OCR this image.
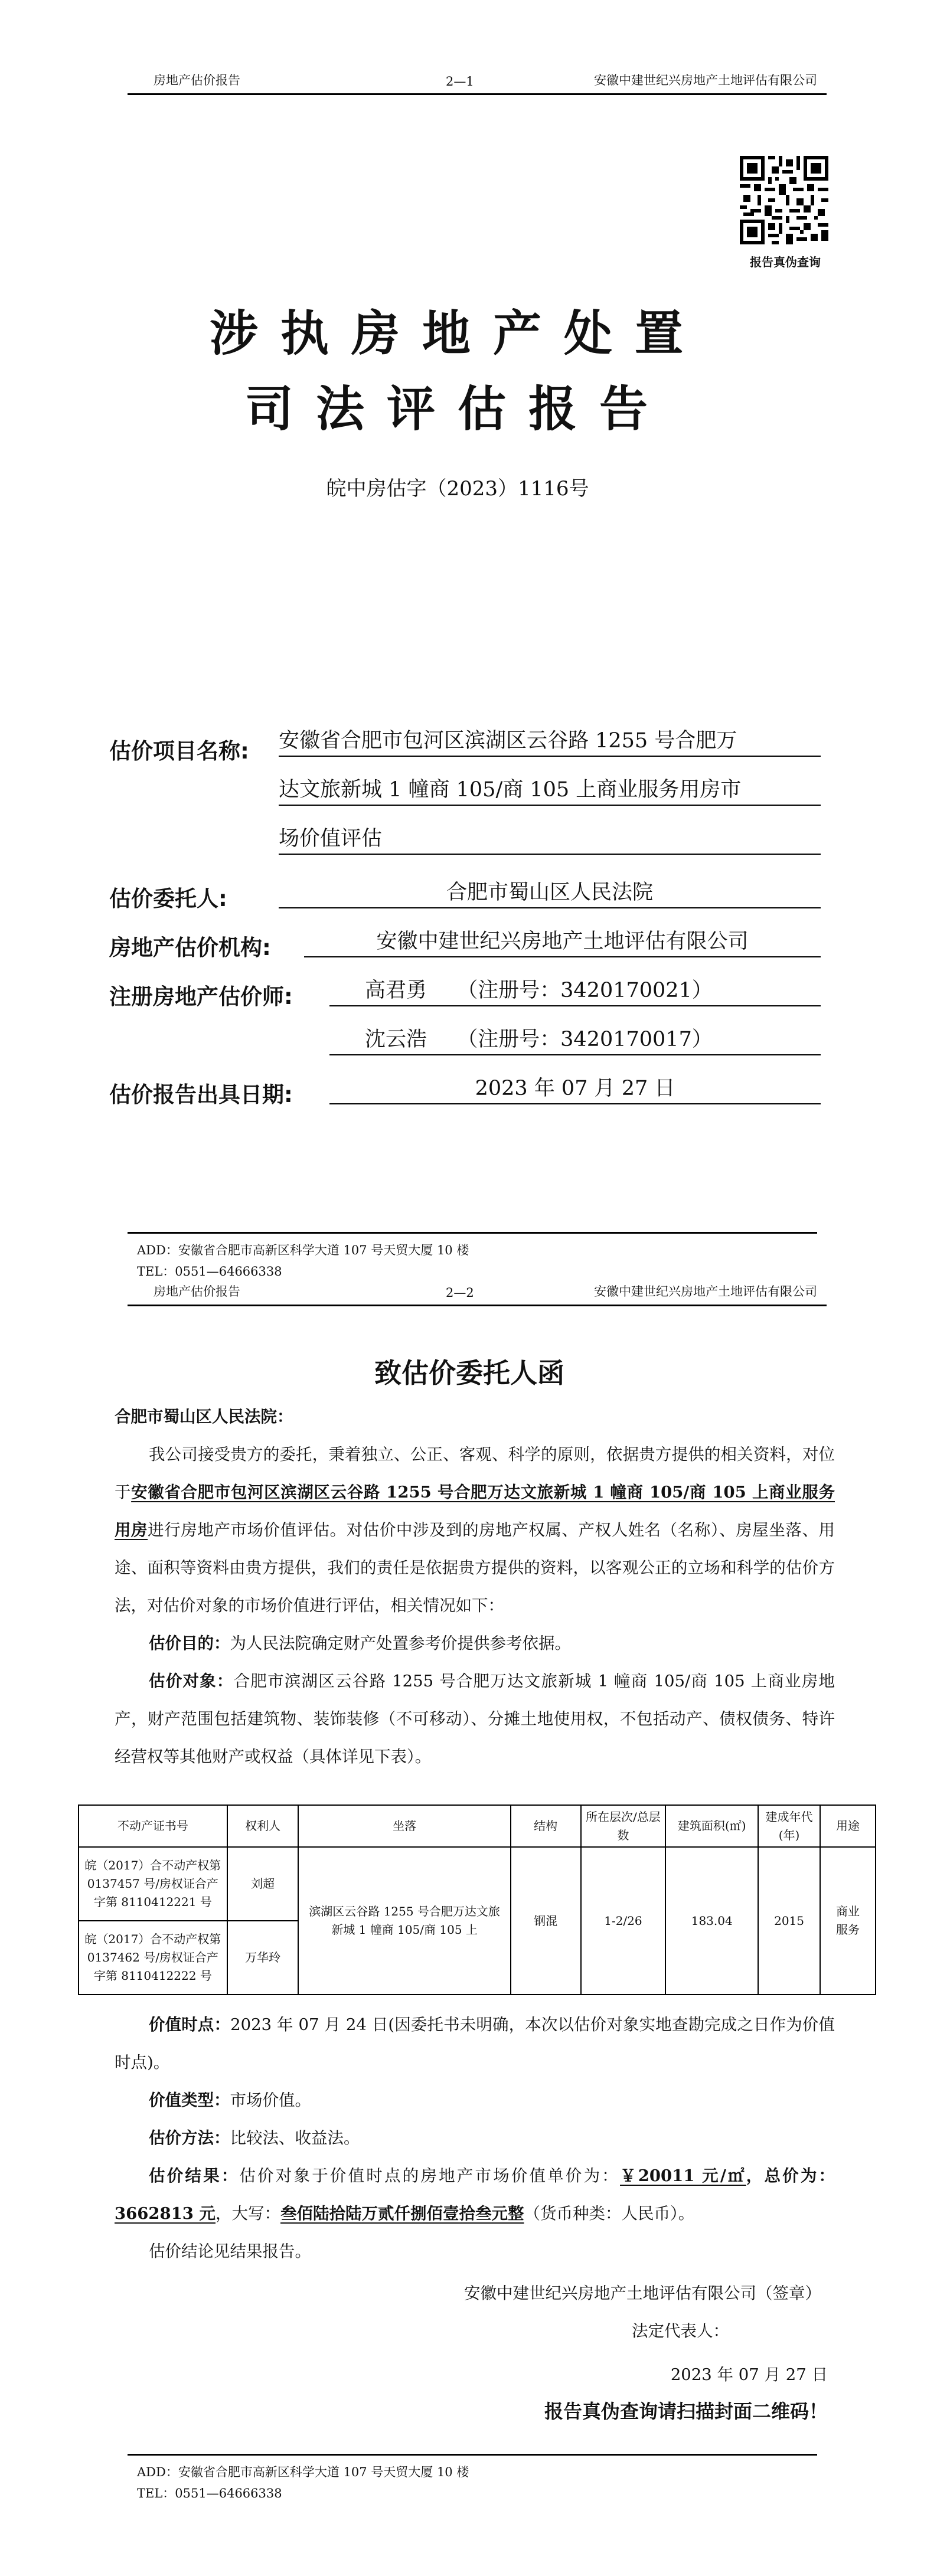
房地产估价报告	2—1	安徽中建世纪兴房地产土地评估有限公司
报告真伪查询
涉执房地产处置
司法评估报告
皖中房估字（2023）1116号
估价项目名称: 安徽省合肥市包河区滨湖区云谷路 1255 号合肥万
达文旅新城 1 幢商 105/商 105 上商业服务用房市
场价值评估
估价委托人:	合肥市蜀山区人民法院
房地产估价机构:	安徽中建世纪兴房地产土地评估有限公司
注册房地产估价师:	高君勇 （注册号：3420170021）
沈云浩 （注册号：3420170017）
估价报告出具日期:	2023 年 07 月 27 日
ADD：安徽省合肥市高新区科学大道 107 号天贸大厦 10 楼
TEL：0551—64666338
房地产估价报告	2—2	安徽中建世纪兴房地产土地评估有限公司
致估价委托人函
合肥市蜀山区人民法院：
我公司接受贵方的委托，秉着独立、公正、客观、科学的原则，依据贵方提供的相关资料，对位于安徽省合肥市包河区滨湖区云谷路 1255 号合肥万达文旅新城 1 幢商 105/商 105 上商业服务用房进行房地产市场价值评估。对估价中涉及到的房地产权属、产权人姓名（名称）、房屋坐落、用途、面积等资料由贵方提供，我们的责任是依据贵方提供的资料，以客观公正的立场和科学的估价方法，对估价对象的市场价值进行评估，相关情况如下：
估价目的：为人民法院确定财产处置参考价提供参考依据。
估价对象：合肥市滨湖区云谷路 1255 号合肥万达文旅新城 1 幢商 105/商 105 上商业房地产，财产范围包括建筑物、装饰装修（不可移动）、分摊土地使用权，不包括动产、债权债务、特许经营权等其他财产或权益（具体详见下表）。
不动产证书号	权利人	坐落	结构	所在层次/总层数	建筑面积(㎡)	建成年代(年)	用途
皖（2017）合不动产权第 0137457 号/房权证合产字第 8110412221 号	刘超	滨湖区云谷路 1255 号合肥万达文旅新城 1 幢商 105/商 105 上	钢混	1-2/26	183.04	2015	商业服务
皖（2017）合不动产权第 0137462 号/房权证合产字第 8110412222 号	万华玲						
价值时点：2023 年 07 月 24 日(因委托书未明确，本次以估价对象实地查勘完成之日作为价值时点)。
价值类型：市场价值。
估价方法：比较法、收益法。
估价结果：估价对象于价值时点的房地产市场价值单价为：￥20011 元/㎡，总价为：3662813 元，大写：叁佰陆拾陆万贰仟捌佰壹拾叁元整（货币种类：人民币）。
估价结论见结果报告。
安徽中建世纪兴房地产土地评估有限公司（签章）
法定代表人：
2023 年 07 月 27 日
报告真伪查询请扫描封面二维码！
ADD：安徽省合肥市高新区科学大道 107 号天贸大厦 10 楼
TEL：0551—64666338
